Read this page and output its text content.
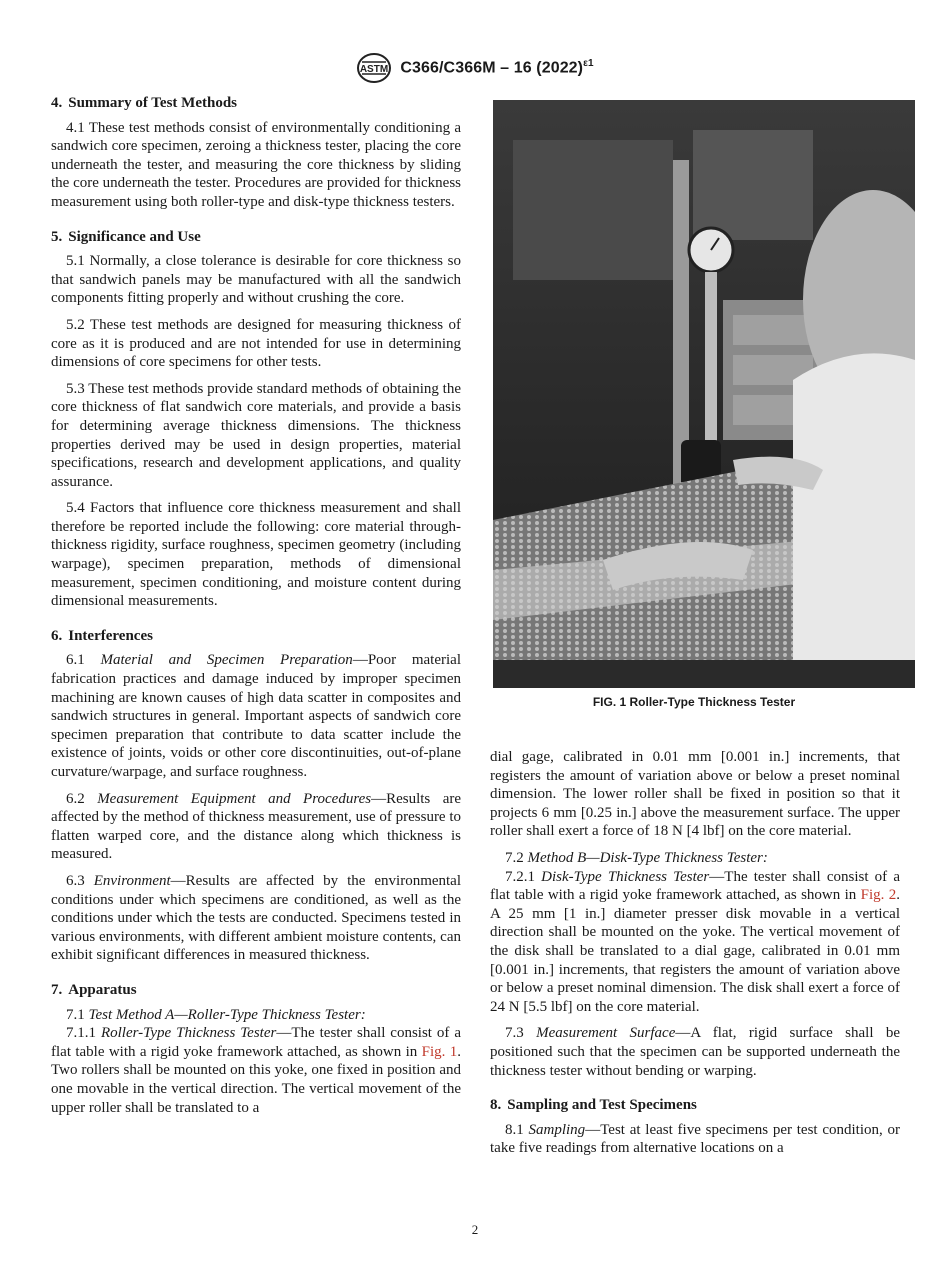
ASTM C366/C366M – 16 $(2022)^{\varepsilon 1}$
4. Summary of Test Methods

4.1 These test methods consist of environmentally conditioning a sandwich core specimen, zeroing a thickness tester, placing the core underneath the tester, and measuring the core thickness by sliding the core underneath the tester. Procedures are provided for thickness measurement using both roller-type and disk-type thickness testers.

5. Significance and Use

5.1 Normally, a close tolerance is desirable for core thickness so that sandwich panels may be manufactured with all the sandwich components fitting properly and without crushing the core.

5.2 These test methods are designed for measuring thickness of core as it is produced and are not intended for use in determining dimensions of core specimens for other tests.

5.3 These test methods provide standard methods of obtaining the core thickness of flat sandwich core materials, and provide a basis for determining average thickness dimensions. The thickness properties derived may be used in design properties, material specifications, research and development applications, and quality assurance.

5.4 Factors that influence core thickness measurement and shall therefore be reported include the following: core material through-thickness rigidity, surface roughness, specimen geometry (including warpage), specimen preparation, methods of dimensional measurement, specimen conditioning, and moisture content during dimensional measurements.

6. Interferences

6.1 Material and Specimen Preparation—Poor material fabrication practices and damage induced by improper specimen machining are known causes of high data scatter in composites and sandwich structures in general. Important aspects of sandwich core specimen preparation that contribute to data scatter include the existence of joints, voids or other core discontinuities, out-of-plane curvature/warpage, and surface roughness.

6.2 Measurement Equipment and Procedures—Results are affected by the method of thickness measurement, use of pressure to flatten warped core, and the distance along which thickness is measured.

6.3 Environment—Results are affected by the environmental conditions under which specimens are conditioned, as well as the conditions under which the tests are conducted. Specimens tested in various environments, with different ambient moisture contents, can exhibit significant differences in measured thickness.

7. Apparatus

7.1 Test Method A—Roller-Type Thickness Tester:

7.1.1 Roller-Type Thickness Tester—The tester shall consist of a flat table with a rigid yoke framework attached, as shown in Fig. 1. Two rollers shall be mounted on this yoke, one fixed in position and one movable in the vertical direction. The vertical movement of the upper roller shall be translated to a

FIG. 1 Roller-Type Thickness Tester

dial gage, calibrated in 0.01 mm [0.001 in.] increments, that registers the amount of variation above or below a preset nominal dimension. The lower roller shall be fixed in position so that it projects 6 mm [0.25 in.] above the measurement surface. The upper roller shall exert a force of 18 N [4 lbf] on the core material.

7.2 Method B—Disk-Type Thickness Tester:

7.2.1 Disk-Type Thickness Tester—The tester shall consist of a flat table with a rigid yoke framework attached, as shown in Fig. 2. A 25 mm [1 in.] diameter presser disk movable in a vertical direction shall be mounted on the yoke. The vertical movement of the disk shall be translated to a dial gage, calibrated in 0.01 mm [0.001 in.] increments, that registers the amount of variation above or below a preset nominal dimension. The disk shall exert a force of 24 N [5.5 lbf] on the core material.

7.3 Measurement Surface—A flat, rigid surface shall be positioned such that the specimen can be supported underneath the thickness tester without bending or warping.

8. Sampling and Test Specimens

8.1 Sampling—Test at least five specimens per test condition, or take five readings from alternative locations on a

2
